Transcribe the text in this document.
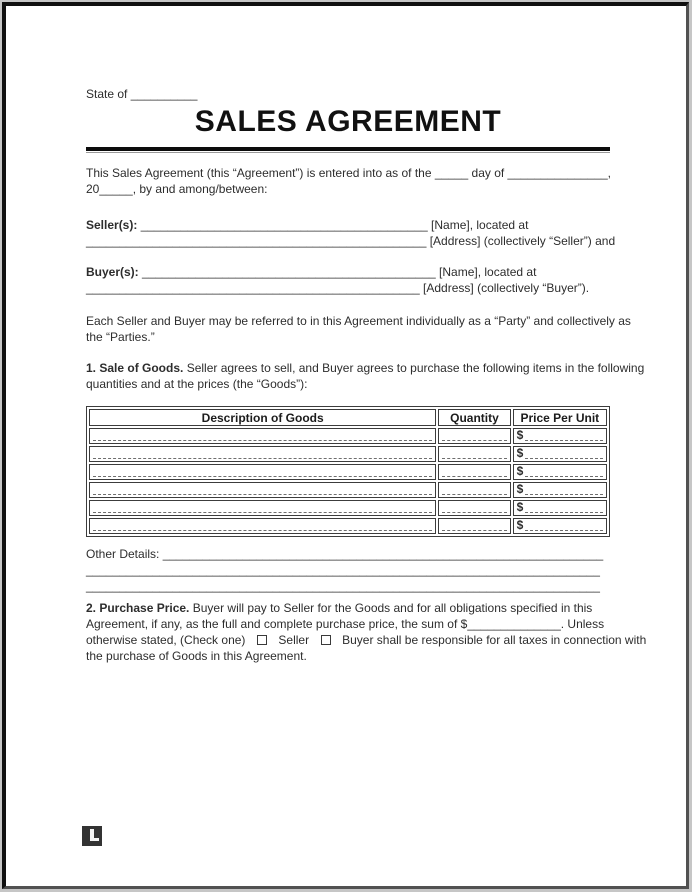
State of __________
SALES AGREEMENT
This Sales Agreement (this “Agreement”) is entered into as of the _____ day of _______________,
20_____, by and among/between:
Seller(s): ___________________________________________ [Name], located at
___________________________________________________ [Address] (collectively “Seller”) and
Buyer(s): ____________________________________________ [Name], located at
__________________________________________________ [Address] (collectively “Buyer”).
Each Seller and Buyer may be referred to in this Agreement individually as a “Party” and collectively as
the “Parties.”
1. Sale of Goods. Seller agrees to sell, and Buyer agrees to purchase the following items in the following
quantities and at the prices (the “Goods”):
Description of Goods	Quantity	Price Per Unit

		$

		$

		$

		$

		$

		$
Other Details: __________________________________________________________________
_____________________________________________________________________________
_____________________________________________________________________________
2. Purchase Price. Buyer will pay to Seller for the Goods and for all obligations specified in this
Agreement, if any, as the full and complete purchase price, the sum of $______________. Unless
otherwise stated, (Check one)	Seller	Buyer shall be responsible for all taxes in connection with
the purchase of Goods in this Agreement.
